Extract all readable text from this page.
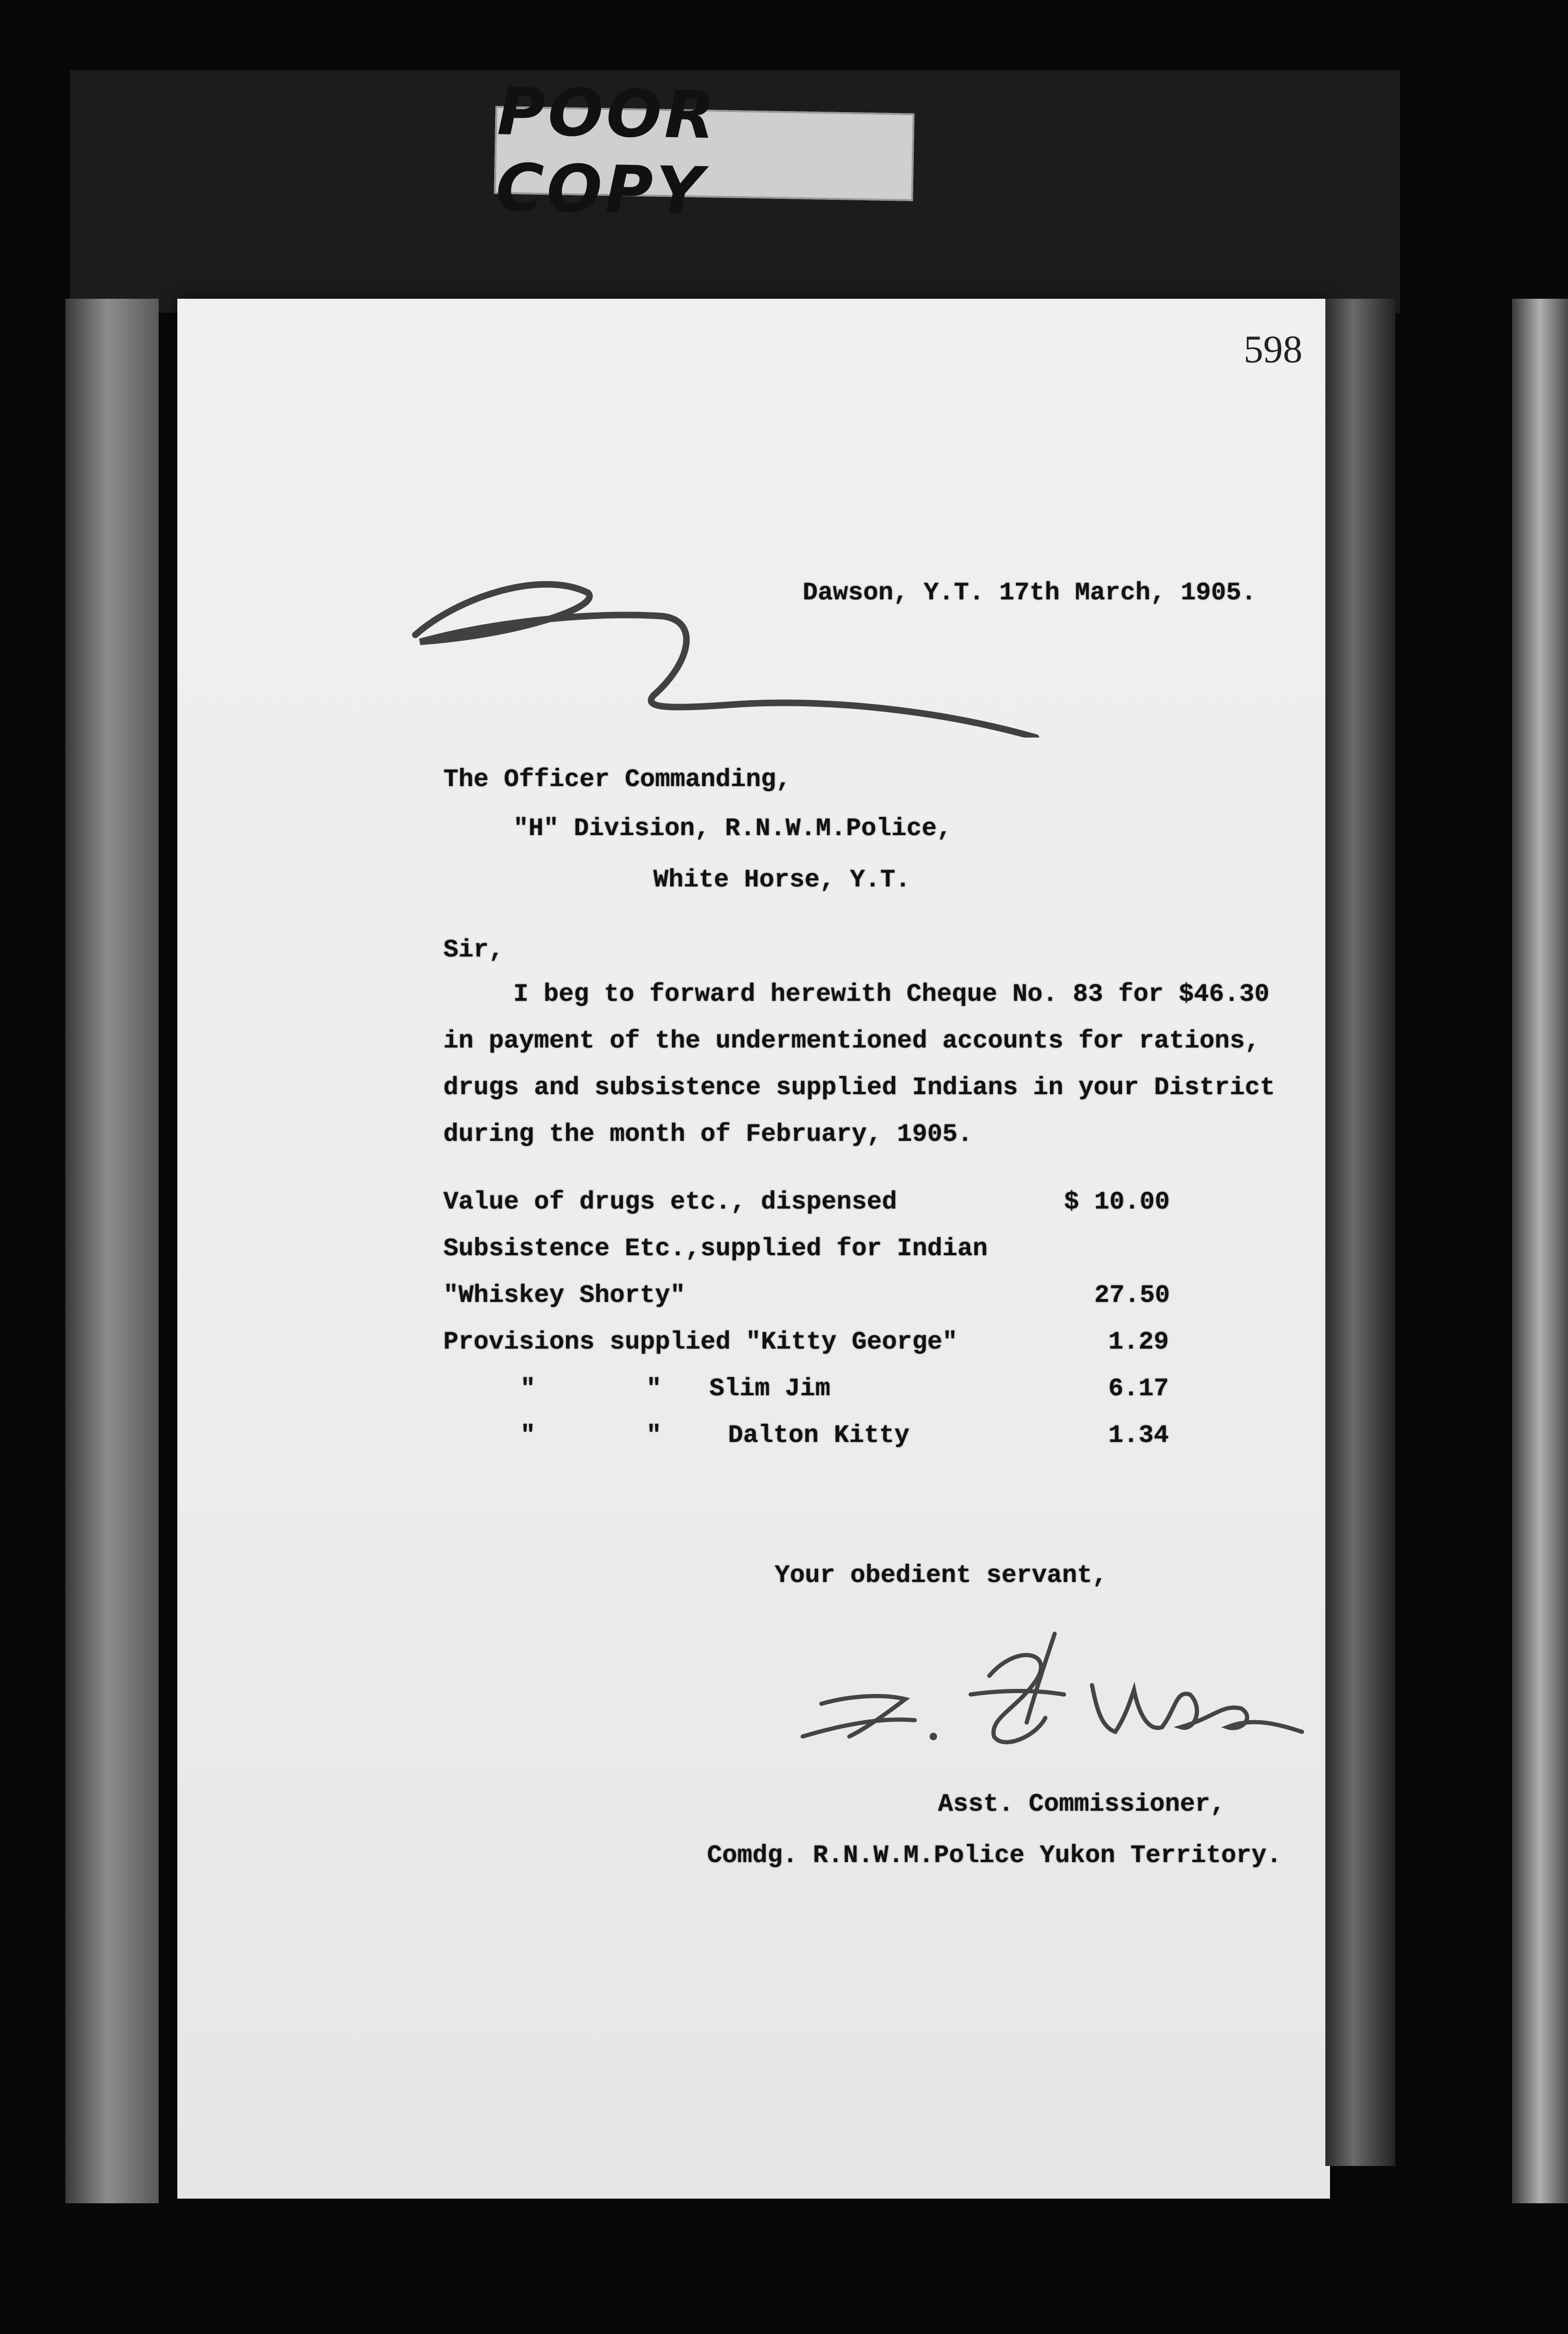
POOR COPY
598
Dawson, Y.T. 17th March, 1905.
The Officer Commanding,
"H" Division, R.N.W.M.Police,
White Horse, Y.T.
Sir,
I beg to forward herewith Cheque No. 83 for $46.30
in payment of the undermentioned accounts for rations,
drugs and subsistence supplied Indians in your District
during the month of February, 1905.
Value of drugs etc., dispensed	$ 10.00
Subsistence Etc.,supplied for Indian
"Whiskey Shorty"	27.50
Provisions supplied "Kitty George"	1.29
"	" Slim Jim	6.17
"	"	Dalton Kitty	1.34
Your obedient servant,
Asst. Commissioner,
Comdg. R.N.W.M.Police Yukon Territory.
